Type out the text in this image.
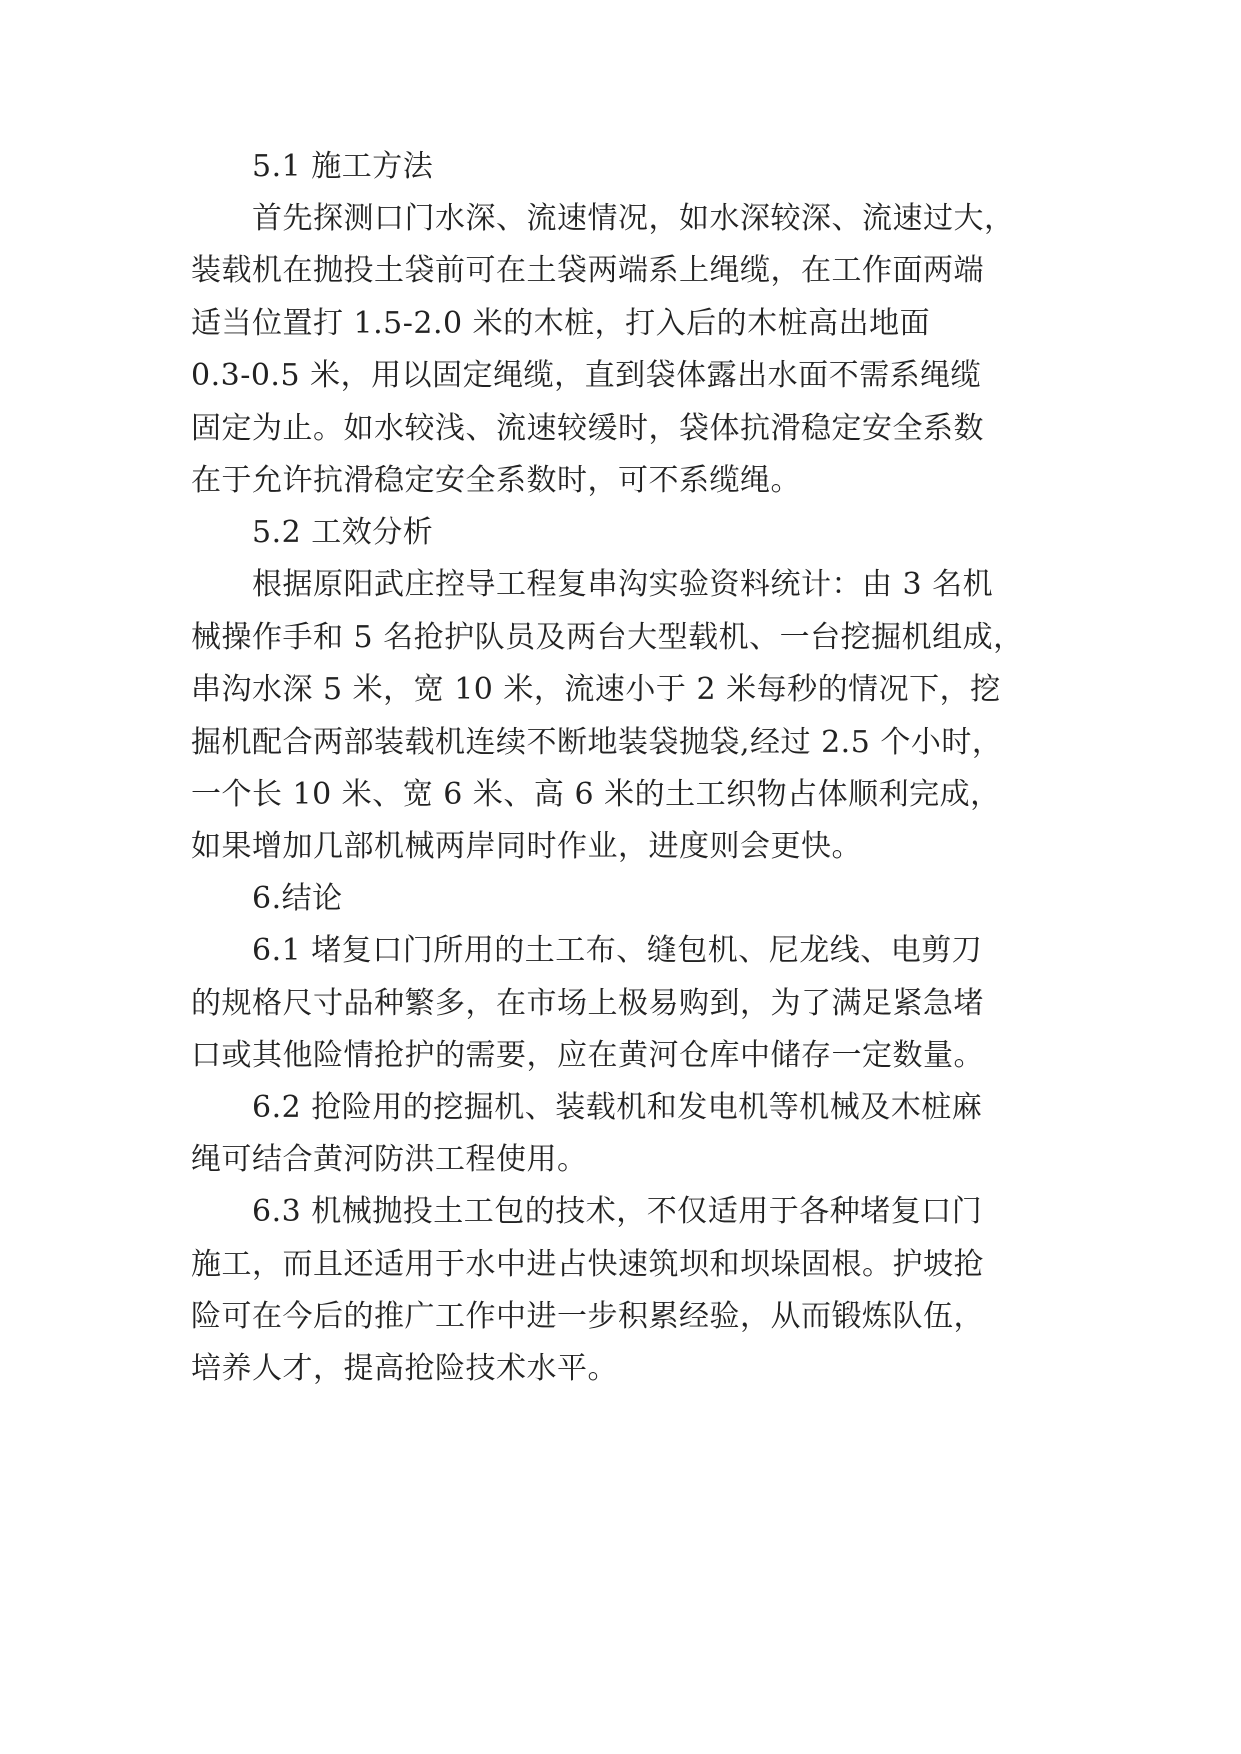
5.1 施工方法
首先探测口门水深、流速情况，如水深较深、流速过大，
装载机在抛投土袋前可在土袋两端系上绳缆，在工作面两端
适当位置打 1.5-2.0 米的木桩，打入后的木桩高出地面
0.3-0.5 米，用以固定绳缆，直到袋体露出水面不需系绳缆
固定为止。如水较浅、流速较缓时，袋体抗滑稳定安全系数
在于允许抗滑稳定安全系数时，可不系缆绳。
5.2 工效分析
根据原阳武庄控导工程复串沟实验资料统计：由 3 名机
械操作手和 5 名抢护队员及两台大型载机、一台挖掘机组成，
串沟水深 5 米，宽 10 米，流速小于 2 米每秒的情况下，挖
掘机配合两部装载机连续不断地装袋抛袋,经过 2.5 个小时，
一个长 10 米、宽 6 米、高 6 米的土工织物占体顺利完成，
如果增加几部机械两岸同时作业，进度则会更快。
6.结论
6.1 堵复口门所用的土工布、缝包机、尼龙线、电剪刀
的规格尺寸品种繁多，在市场上极易购到，为了满足紧急堵
口或其他险情抢护的需要，应在黄河仓库中储存一定数量。
6.2 抢险用的挖掘机、装载机和发电机等机械及木桩麻
绳可结合黄河防洪工程使用。
6.3 机械抛投土工包的技术，不仅适用于各种堵复口门
施工，而且还适用于水中进占快速筑坝和坝垛固根。护坡抢
险可在今后的推广工作中进一步积累经验，从而锻炼队伍，
培养人才，提高抢险技术水平。
